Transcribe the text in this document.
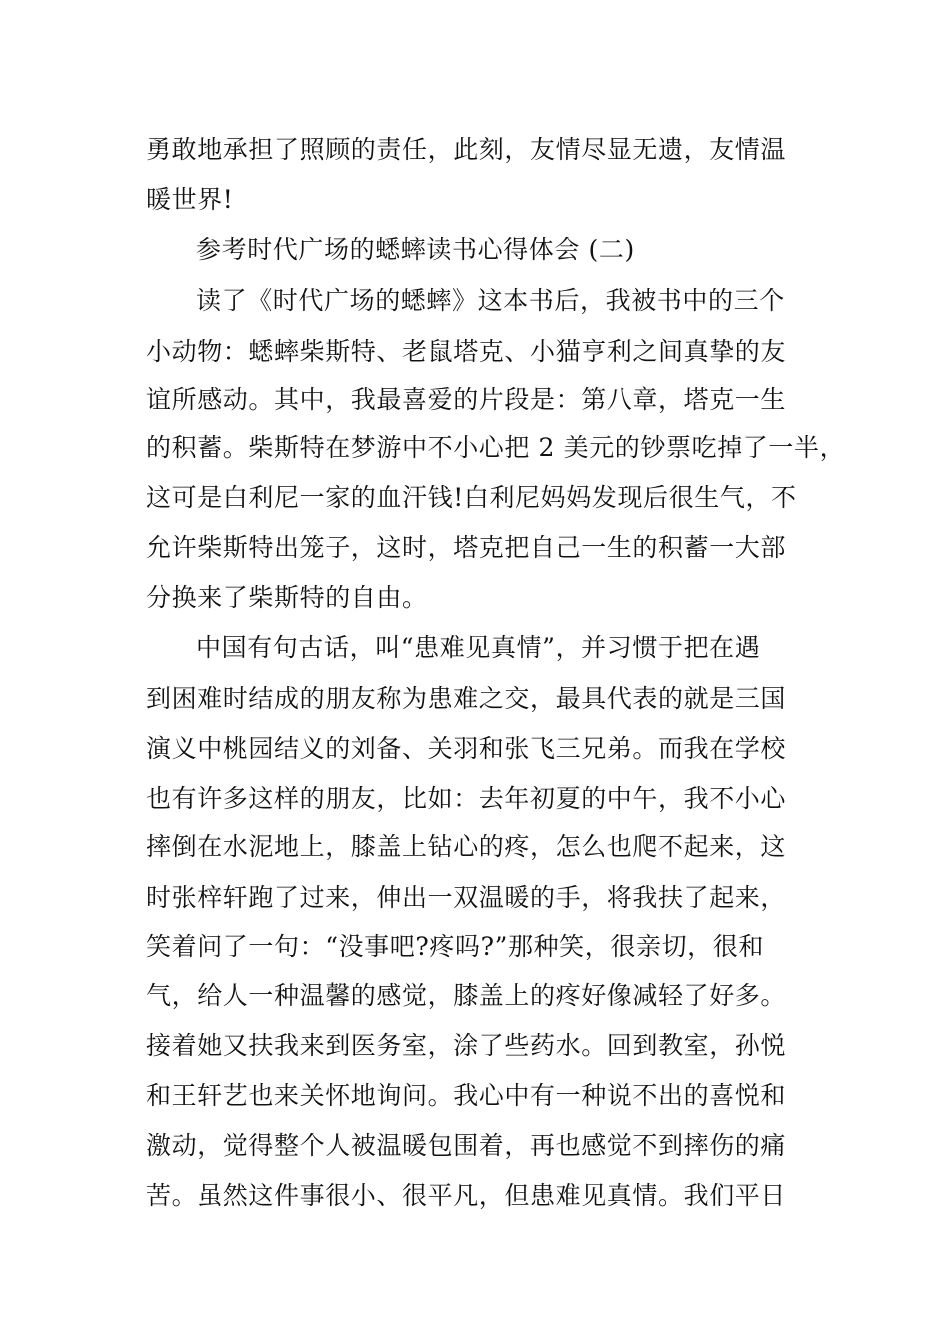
勇敢地承担了照顾的责任，此刻，友情尽显无遗，友情温
暖世界!
参考时代广场的蟋蟀读书心得体会 (二)
读了《时代广场的蟋蟀》这本书后，我被书中的三个
小动物：蟋蟀柴斯特、老鼠塔克、小猫亨利之间真挚的友
谊所感动。其中，我最喜爱的片段是：第八章，塔克一生
的积蓄。柴斯特在梦游中不小心把 2 美元的钞票吃掉了一半，
这可是白利尼一家的血汗钱!白利尼妈妈发现后很生气，不
允许柴斯特出笼子，这时，塔克把自己一生的积蓄一大部
分换来了柴斯特的自由。
中国有句古话，叫“患难见真情”，并习惯于把在遇
到困难时结成的朋友称为患难之交，最具代表的就是三国
演义中桃园结义的刘备、关羽和张飞三兄弟。而我在学校
也有许多这样的朋友，比如：去年初夏的中午，我不小心
摔倒在水泥地上，膝盖上钻心的疼，怎么也爬不起来，这
时张梓轩跑了过来，伸出一双温暖的手，将我扶了起来，
笑着问了一句：“没事吧?疼吗?”那种笑，很亲切，很和
气，给人一种温馨的感觉，膝盖上的疼好像减轻了好多。
接着她又扶我来到医务室，涂了些药水。回到教室，孙悦
和王轩艺也来关怀地询问。我心中有一种说不出的喜悦和
激动，觉得整个人被温暖包围着，再也感觉不到摔伤的痛
苦。虽然这件事很小、很平凡，但患难见真情。我们平日
